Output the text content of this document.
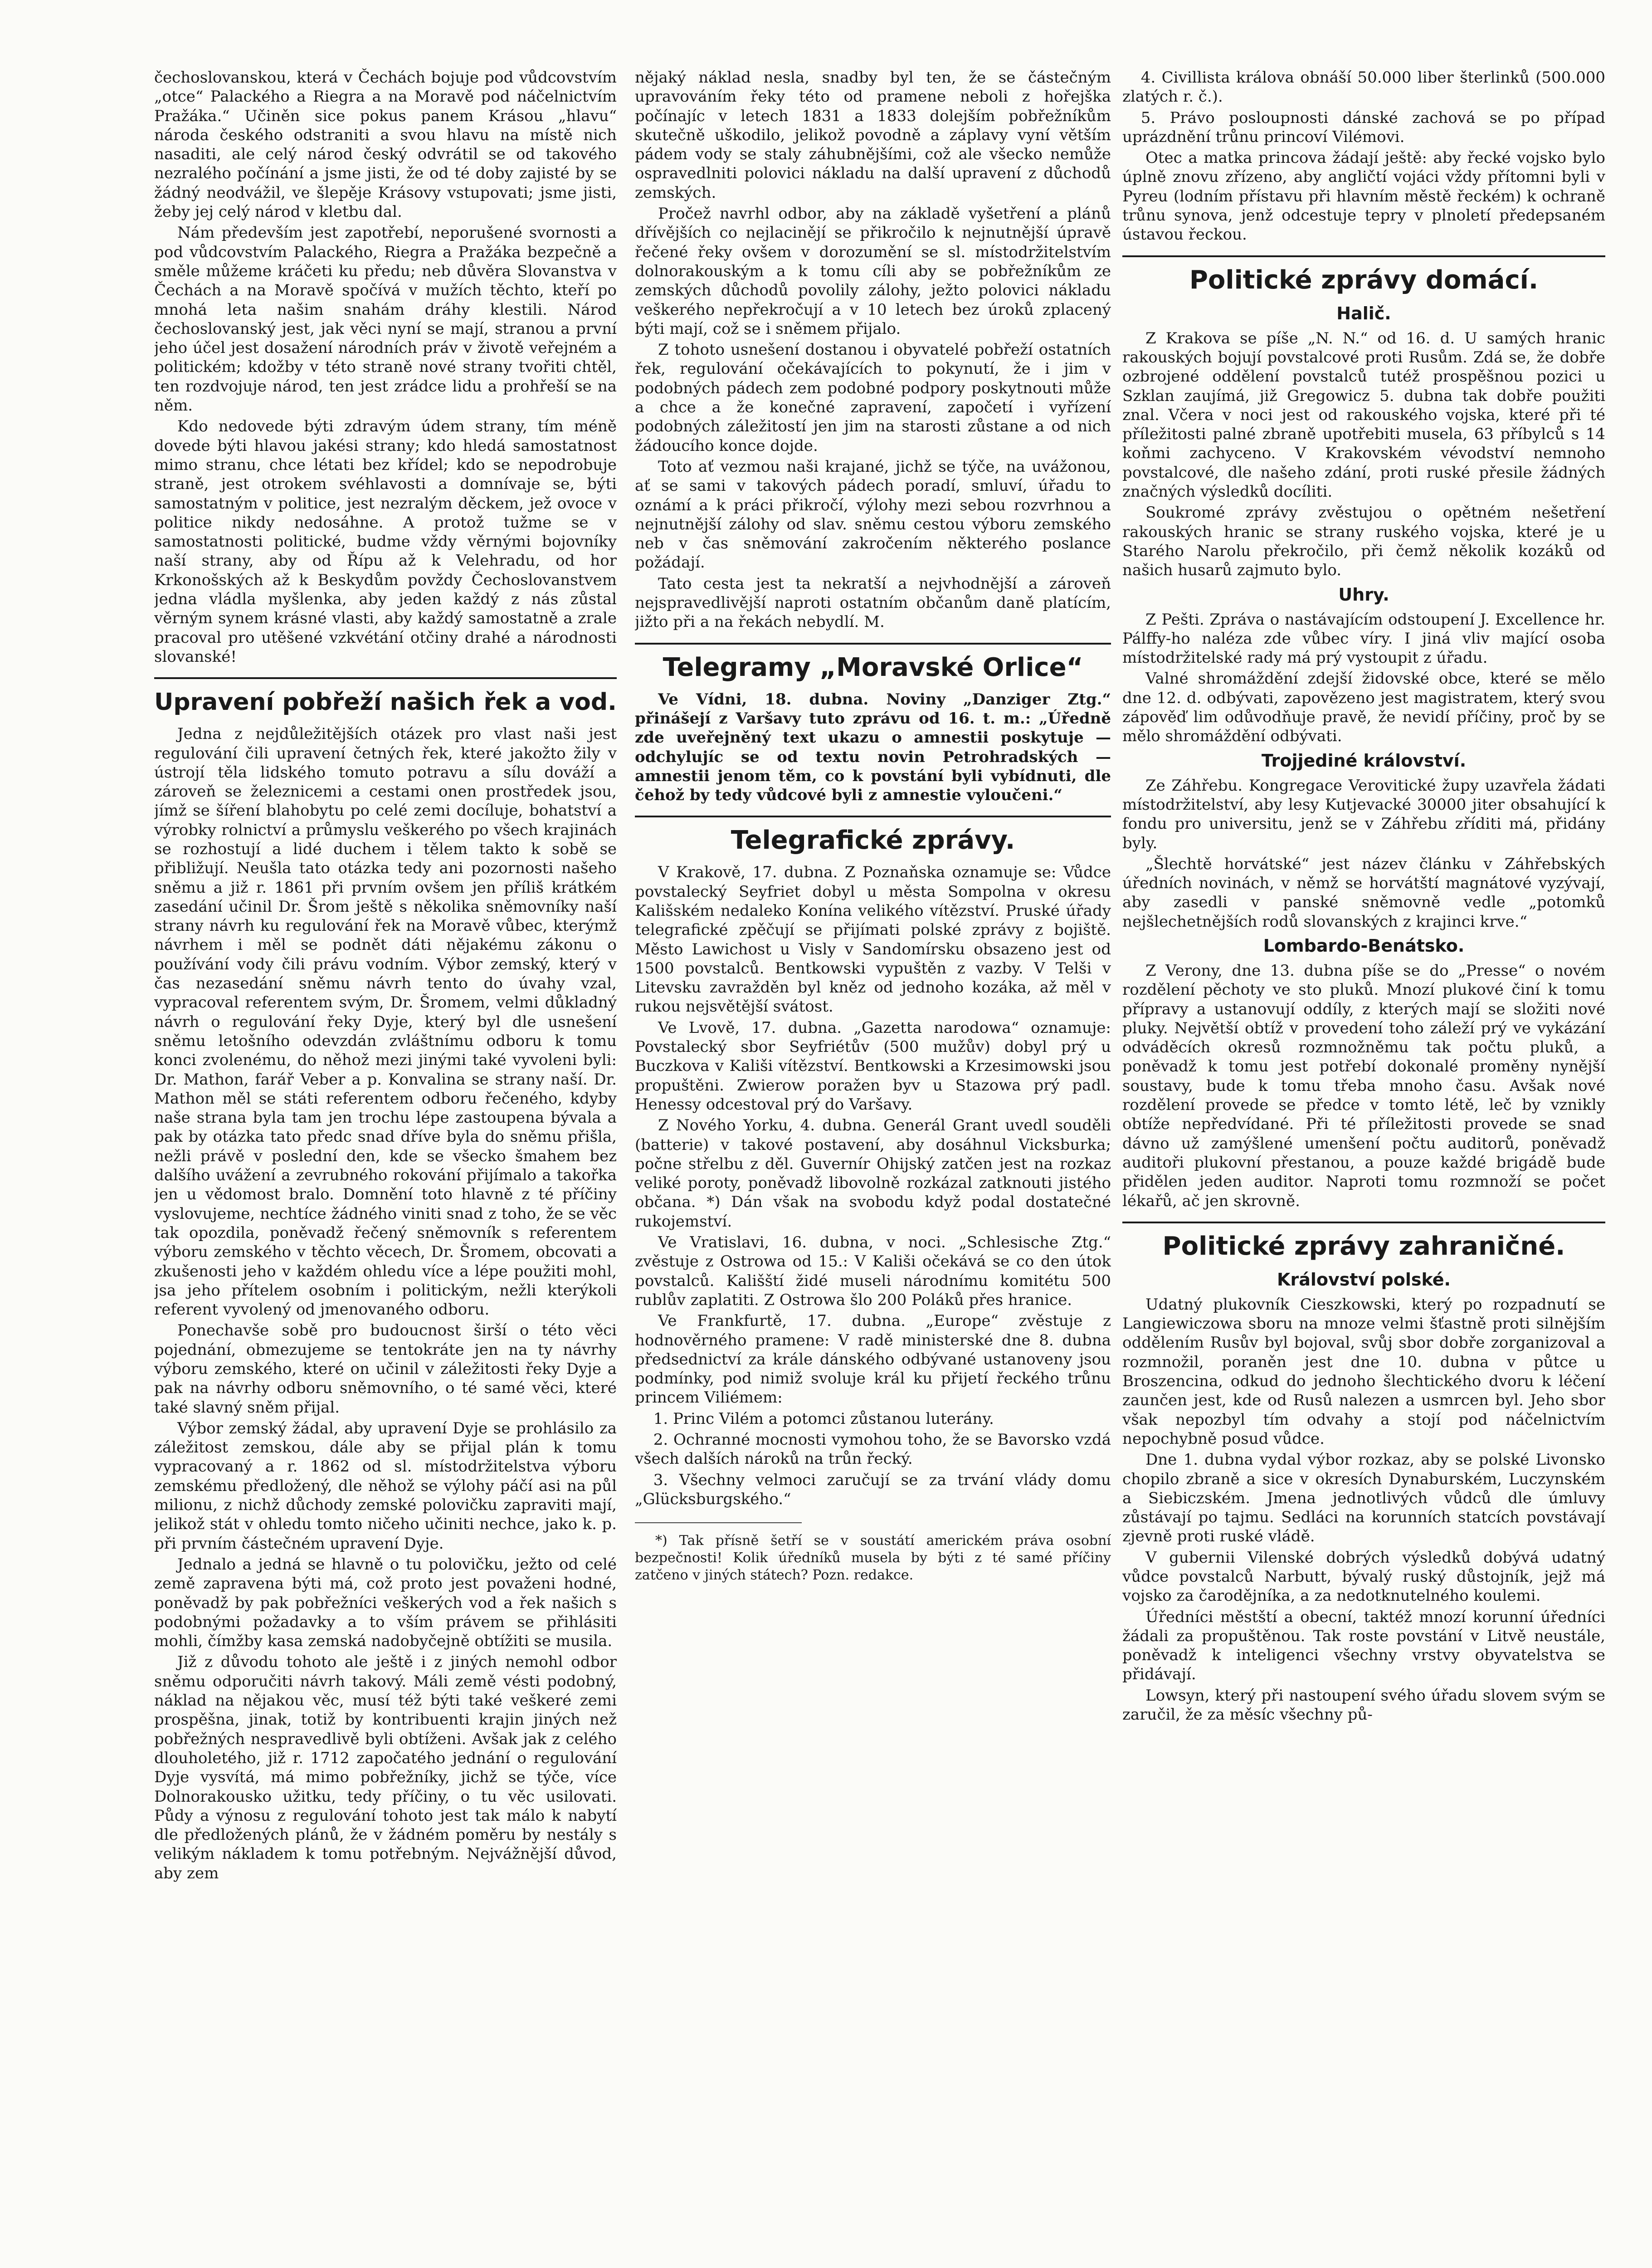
čechoslovanskou, která v Čechách bojuje pod vůdcovstvím „otce“ Palackého a Riegra a na Moravě pod náčelnictvím Pražáka.“ Učiněn sice pokus panem Krásou „hlavu“ národa českého odstraniti a svou hlavu na místě nich nasaditi, ale celý národ český odvrátil se od takového nezralého počínání a jsme jisti, že od té doby zajisté by se žádný neodvážil, ve šlepěje Krásovy vstupovati; jsme jisti, žeby jej celý národ v kletbu dal.

Nám především jest zapotřebí, neporušené svornosti a pod vůdcovstvím Palackého, Riegra a Pražáka bezpečně a směle můžeme kráčeti ku předu; neb důvěra Slovanstva v Čechách a na Moravě spočívá v mužích těchto, kteří po mnohá leta našim snahám dráhy klestili. Národ čechoslovanský jest, jak věci nyní se mají, stranou a první jeho účel jest dosažení národních práv v životě veřejném a politickém; kdožby v této straně nové strany tvořiti chtěl, ten rozdvojuje národ, ten jest zrádce lidu a prohřeší se na něm.

Kdo nedovede býti zdravým údem strany, tím méně dovede býti hlavou jakési strany; kdo hledá samostatnost mimo stranu, chce létati bez křídel; kdo se nepodrobuje straně, jest otrokem svéhlavosti a domnívaje se, býti samostatným v politice, jest nezralým děckem, jež ovoce v politice nikdy nedosáhne. A protož tužme se v samostatnosti politické, budme vždy věrnými bojovníky naší strany, aby od Řípu až k Velehradu, od hor Krkonošských až k Beskydům povždy Čechoslovanstvem jedna vládla myšlenka, aby jeden každý z nás zůstal věrným synem krásné vlasti, aby každý samostatně a zrale pracoval pro utěšené vzkvétání otčiny drahé a národnosti slovanské!

Upravení pobřeží našich řek a vod.

Jedna z nejdůležitějších otázek pro vlast naši jest regulování čili upravení četných řek, které jakožto žily v ústrojí těla lidského tomuto potravu a sílu dováží a zároveň se železnicemi a cestami onen prostředek jsou, jímž se šíření blahobytu po celé zemi docíluje, bohatství a výrobky rolnictví a průmyslu veškerého po všech krajinách se rozhostují a lidé duchem i tělem takto k sobě se přibližují. Neušla tato otázka tedy ani pozornosti našeho sněmu a již r. 1861 při prvním ovšem jen příliš krátkém zasedání učinil Dr. Šrom ještě s několika sněmovníky naší strany návrh ku regulování řek na Moravě vůbec, kterýmž návrhem i měl se podnět dáti nějakému zákonu o používání vody čili právu vodním. Výbor zemský, který v čas nezasedání sněmu návrh tento do úvahy vzal, vypracoval referentem svým, Dr. Šromem, velmi důkladný návrh o regulování řeky Dyje, který byl dle usnešení sněmu letošního odevzdán zvláštnímu odboru k tomu konci zvolenému, do něhož mezi jinými také vyvoleni byli: Dr. Mathon, farář Veber a p. Konvalina se strany naší. Dr. Mathon měl se státi referentem odboru řečeného, kdyby naše strana byla tam jen trochu lépe zastoupena bývala a pak by otázka tato předc snad dříve byla do sněmu přišla, nežli právě v poslední den, kde se všecko šmahem bez dalšího uvážení a zevrubného rokování přijímalo a takořka jen u vědomost bralo. Domnění toto hlavně z té příčiny vyslovujeme, nechtíce žádného viniti snad z toho, že se věc tak opozdila, poněvadž řečený sněmovník s referentem výboru zemského v těchto věcech, Dr. Šromem, obcovati a zkušenosti jeho v každém ohledu více a lépe použiti mohl, jsa jeho přítelem osobním i politickým, nežli kterýkoli referent vyvolený od jmenovaného odboru.

Ponechavše sobě pro budoucnost širší o této věci pojednání, obmezujeme se tentokráte jen na ty návrhy výboru zemského, které on učinil v záležitosti řeky Dyje a pak na návrhy odboru sněmovního, o té samé věci, které také slavný sněm přijal.

Výbor zemský žádal, aby upravení Dyje se prohlásilo za záležitost zemskou, dále aby se přijal plán k tomu vypracovaný a r. 1862 od sl. místodržitelstva výboru zemskému předložený, dle něhož se výlohy páčí asi na půl milionu, z nichž důchody zemské polovičku zapraviti mají, jelikož stát v ohledu tomto ničeho učiniti nechce, jako k. p. při prvním částečném upravení Dyje.

Jednalo a jedná se hlavně o tu polovičku, ježto od celé země zapravena býti má, což proto jest považeni hodné, poněvadž by pak pobřežníci veškerých vod a řek našich s podobnými požadavky a to vším právem se přihlásiti mohli, čímžby kasa zemská nadobyčejně obtížiti se musila.

Již z důvodu tohoto ale ještě i z jiných nemohl odbor sněmu odporučiti návrh takový. Máli země vésti podobný, náklad na nějakou věc, musí též býti také veškeré zemi prospěšna, jinak, totiž by kontribuenti krajin jiných než pobřežných nespravedlivě byli obtíženi. Avšak jak z celého dlouholetého, již r. 1712 započatého jednání o regulování Dyje vysvítá, má mimo pobřežníky, jichž se týče, více Dolnorakousko užitku, tedy příčiny, o tu věc usilovati. Půdy a výnosu z regulování tohoto jest tak málo k nabytí dle předložených plánů, že v žádném poměru by nestály s velikým nákladem k tomu potřebným. Nejvážnější důvod, aby zem

nějaký náklad nesla, snadby byl ten, že se částečným upravováním řeky této od pramene neboli z hořejška počínajíc v letech 1831 a 1833 dolejším pobřežníkům skutečně uškodilo, jelikož povodně a záplavy vyní větším pádem vody se staly záhubnějšími, což ale všecko nemůže ospravedlniti polovici nákladu na další upravení z důchodů zemských.

Pročež navrhl odbor, aby na základě vyšetření a plánů dřívějších co nejlacinějí se přikročilo k nejnutnější úpravě řečené řeky ovšem v dorozumění se sl. místodržitelstvím dolnorakouským a k tomu cíli aby se pobřežníkům ze zemských důchodů povolily zálohy, ježto polovici nákladu veškerého nepřekročují a v 10 letech bez úroků zplacený býti mají, což se i sněmem přijalo.

Z tohoto usnešení dostanou i obyvatelé pobřeží ostatních řek, regulování očekávajících to pokynutí, že i jim v podobných pádech zem podobné podpory poskytnouti může a chce a že konečné zapravení, započetí i vyřízení podobných záležitostí jen jim na starosti zůstane a od nich žádoucího konce dojde.

Toto ať vezmou naši krajané, jichž se týče, na uvážonou, ať se sami v takových pádech poradí, smluví, úřadu to oznámí a k práci přikročí, výlohy mezi sebou rozvrhnou a nejnutnější zálohy od slav. sněmu cestou výboru zemského neb v čas sněmování zakročením některého poslance požádají.

Tato cesta jest ta nekratší a nejvhodnější a zároveň nejspravedlivější naproti ostatním občanům daně platícím, jižto při a na řekách nebydlí. M.

Telegramy „Moravské Orlice“

Ve Vídni, 18. dubna. Noviny „Danziger Ztg.“ přinášejí z Varšavy tuto zprávu od 16. t. m.: „Úředně zde uveřejněný text ukazu o amnestii poskytuje — odchylujíc se od textu novin Petrohradských — amnestii jenom těm, co k povstání byli vybídnuti, dle čehož by tedy vůdcové byli z amnestie vyloučeni.“

Telegrafické zprávy.

V Krakově, 17. dubna. Z Poznaňska oznamuje se: Vůdce povstalecký Seyfriet dobyl u města Sompolna v okresu Kališském nedaleko Konína velikého vítězství. Pruské úřady telegrafické zpěčují se přijímati polské zprávy z bojiště. Město Lawichost u Visly v Sandomírsku obsazeno jest od 1500 povstalců. Bentkowski vypuštěn z vazby. V Telši v Litevsku zavražděn byl kněz od jednoho kozáka, až měl v rukou nejsvětější svátost.

Ve Lvově, 17. dubna. „Gazetta narodowa“ oznamuje: Povstalecký sbor Seyfriétův (500 mužův) dobyl prý u Buczkova v Kališi vítězství. Bentkowski a Krzesimowski jsou propuštěni. Zwierow poražen byv u Stazowa prý padl. Henessy odcestoval prý do Varšavy.

Z Nového Yorku, 4. dubna. Generál Grant uvedl souděli (batterie) v takové postavení, aby dosáhnul Vicksburka; počne střelbu z děl. Guvernír Ohijský zatčen jest na rozkaz veliké poroty, poněvadž libovolně rozkázal zatknouti jistého občana. *) Dán však na svobodu když podal dostatečné rukojemství.

Ve Vratislavi, 16. dubna, v noci. „Schlesische Ztg.“ zvěstuje z Ostrowa od 15.: V Kališi očekává se co den útok povstalců. Kališští židé museli národnímu komitétu 500 rublův zaplatiti. Z Ostrowa šlo 200 Poláků přes hranice.

Ve Frankfurtě, 17. dubna. „Europe“ zvěstuje z hodnověrného pramene: V radě ministerské dne 8. dubna předsednictví za krále dánského odbývané ustanoveny jsou podmínky, pod nimiž svoluje král ku přijetí řeckého trůnu princem Viliémem:

1. Princ Vilém a potomci zůstanou luterány.

2. Ochranné mocnosti vymohou toho, že se Bavorsko vzdá všech dalších nároků na trůn řecký.

3. Všechny velmoci zaručují se za trvání vlády domu „Glücksburgského.“

*) Tak přísně šetří se v soustátí americkém práva osobní bezpečnosti! Kolik úředníků musela by býti z té samé příčiny zatčeno v jiných státech? Pozn. redakce.

4. Civillista králova obnáší 50.000 liber šterlinků (500.000 zlatých r. č.).

5. Právo posloupnosti dánské zachová se po případ uprázdnění trůnu princoví Vilémovi.

Otec a matka princova žádají ještě: aby řecké vojsko bylo úplně znovu zřízeno, aby angličtí vojáci vždy přítomni byli v Pyreu (lodním přístavu při hlavním městě řeckém) k ochraně trůnu synova, jenž odcestuje tepry v plnoletí předepsaném ústavou řeckou.

Politické zprávy domácí.
Halič.

Z Krakova se píše „N. N.“ od 16. d. U samých hranic rakouských bojují povstalcové proti Rusům. Zdá se, že dobře ozbrojené oddělení povstalců tutéž prospěšnou pozici u Szklan zaujímá, již Gregowicz 5. dubna tak dobře použiti znal. Včera v noci jest od rakouského vojska, které při té příležitosti palné zbraně upotřebiti musela, 63 příbylců s 14 koňmi zachyceno. V Krakovském vévodství nemnoho povstalcové, dle našeho zdání, proti ruské přesile žádných značných výsledků docíliti.

Soukromé zprávy zvěstujou o opětném nešetření rakouských hranic se strany ruského vojska, které je u Starého Narolu překročilo, při čemž několik kozáků od našich husarů zajmuto bylo.

Uhry.

Z Pešti. Zpráva o nastávajícím odstoupení J. Excellence hr. Pálffy-ho naléza zde vůbec víry. I jiná vliv mající osoba místodržitelské rady má prý vystoupit z úřadu.

Valné shromáždění zdejší židovské obce, které se mělo dne 12. d. odbývati, zapovězeno jest magistratem, který svou zápověď lim odůvodňuje pravě, že nevidí příčiny, proč by se mělo shromáždění odbývati.

Trojjediné království.

Ze Záhřebu. Kongregace Verovitické župy uzavřela žádati místodržitelství, aby lesy Kutjevacké 30000 jiter obsahující k fondu pro universitu, jenž se v Záhřebu zříditi má, přidány byly.

„Šlechtě horvátské“ jest název článku v Záhřebských úředních novinách, v němž se horvátští magnátové vyzývají, aby zasedli v panské sněmovně vedle „potomků nejšlechetnějších rodů slovanských z krajinci krve.“

Lombardo-Benátsko.

Z Verony, dne 13. dubna píše se do „Presse“ o novém rozdělení pěchoty ve sto pluků. Mnozí plukové činí k tomu přípravy a ustanovují oddíly, z kterých mají se složiti nové pluky. Největší obtíž v provedení toho záleží prý ve vykázání odváděcích okresů rozmnožněmu tak počtu pluků, a poněvadž k tomu jest potřebí dokonalé proměny nynější soustavy, bude k tomu třeba mnoho času. Avšak nové rozdělení provede se předce v tomto létě, leč by vznikly obtíže nepředvídané. Při té příležitosti provede se snad dávno už zamýšlené umenšení počtu auditorů, poněvadž auditoři plukovní přestanou, a pouze každé brigádě bude přidělen jeden auditor. Naproti tomu rozmnoží se počet lékařů, ač jen skrovně.

Politické zprávy zahraničné.
Království polské.

Udatný plukovník Cieszkowski, který po rozpadnutí se Langiewiczowa sboru na mnoze velmi šťastně proti silnějším oddělením Rusův byl bojoval, svůj sbor dobře zorganizoval a rozmnožil, poraněn jest dne 10. dubna v půtce u Broszencina, odkud do jednoho šlechtického dvoru k léčení zaunčen jest, kde od Rusů nalezen a usmrcen byl. Jeho sbor však nepozbyl tím odvahy a stojí pod náčelnictvím nepochybně posud vůdce.

Dne 1. dubna vydal výbor rozkaz, aby se polské Livonsko chopilo zbraně a sice v okresích Dynaburském, Luczynském a Siebiczském. Jmena jednotlivých vůdců dle úmluvy zůstávají po tajmu. Sedláci na korunních statcích povstávají zjevně proti ruské vládě.

V gubernii Vilenské dobrých výsledků dobývá udatný vůdce povstalců Narbutt, bývalý ruský důstojník, jejž má vojsko za čarodějníka, a za nedotknutelného koulemi.

Úředníci městští a obecní, taktéž mnozí korunní úředníci žádali za propuštěnou. Tak roste povstání v Litvě neustále, poněvadž k inteligenci všechny vrstvy obyvatelstva se přidávají.

Lowsyn, který při nastoupení svého úřadu slovem svým se zaručil, že za měsíc všechny pů-
